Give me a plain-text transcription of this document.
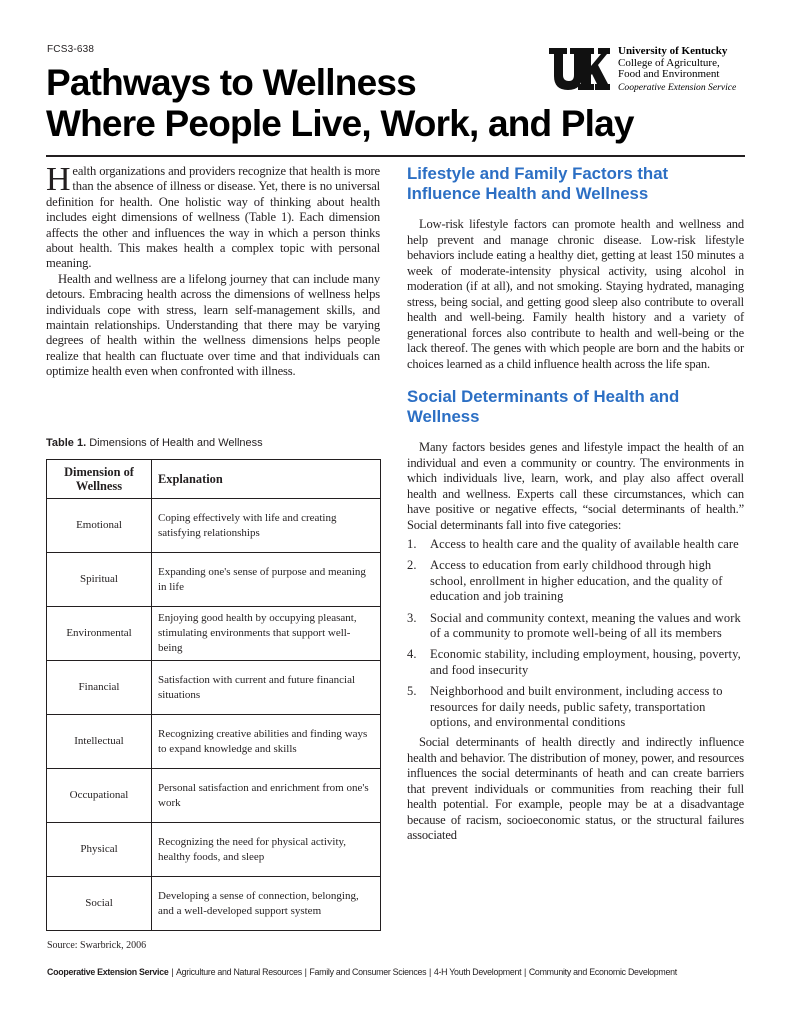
FCS3-638
Pathways to Wellness
Where People Live, Work, and Play
University of Kentucky
College of Agriculture,
Food and Environment
Cooperative Extension Service

Health organizations and providers recognize that health is more than the absence of illness or disease. Yet, there is no universal definition for health. One holistic way of thinking about health includes eight dimensions of wellness (Table 1). Each dimension affects the other and influences the way in which a person thinks about health. This makes health a complex topic with personal meaning.

Health and wellness are a lifelong journey that can include many detours. Embracing health across the dimensions of wellness helps individuals cope with stress, learn self-management skills, and maintain relationships. Understanding that there may be varying degrees of health within the wellness dimensions helps people realize that health can fluctuate over time and that individuals can optimize health even when confronted with illness.

Table 1. Dimensions of Health and Wellness
Dimension of Wellness	Explanation
Emotional	Coping effectively with life and creating satisfying relationships
Spiritual	Expanding one's sense of purpose and meaning in life
Environmental	Enjoying good health by occupying pleasant, stimulating environments that support well-being
Financial	Satisfaction with current and future financial situations
Intellectual	Recognizing creative abilities and finding ways to expand knowledge and skills
Occupational	Personal satisfaction and enrichment from one's work
Physical	Recognizing the need for physical activity, healthy foods, and sleep
Social	Developing a sense of connection, belonging, and a well-developed support system
Source: Swarbrick, 2006
Lifestyle and Family Factors that Influence Health and Wellness

Low-risk lifestyle factors can promote health and wellness and help prevent and manage chronic disease. Low-risk lifestyle behaviors include eating a healthy diet, getting at least 150 minutes a week of moderate-intensity physical activity, using alcohol in moderation (if at all), and not smoking. Staying hydrated, managing stress, being social, and getting good sleep also contribute to overall health and well-being. Family health history and a variety of generational forces also contribute to health and well-being or the lack thereof. The genes with which people are born and the habits or choices learned as a child influence health across the life span.

Social Determinants of Health and Wellness

Many factors besides genes and lifestyle impact the health of an individual and even a community or country. The environments in which individuals live, learn, work, and play also affect overall health and wellness. Experts call these circumstances, which can have positive or negative effects, “social determinants of health.” Social determinants fall into five categories:

1. Access to health care and the quality of available health care
2. Access to education from early childhood through high school, enrollment in higher education, and the quality of education and job training
3. Social and community context, meaning the values and work of a community to promote well-being of all its members
4. Economic stability, including employment, housing, poverty, and food insecurity
5. Neighborhood and built environment, including access to resources for daily needs, public safety, transportation options, and environmental conditions

Social determinants of health directly and indirectly influence health and behavior. The distribution of money, power, and resources influences the social determinants of heath and can create barriers that prevent individuals or communities from reaching their full health potential. For example, people may be at a disadvantage because of racism, socioeconomic status, or the structural failures associated

Cooperative Extension Service | Agriculture and Natural Resources | Family and Consumer Sciences | 4-H Youth Development | Community and Economic Development
